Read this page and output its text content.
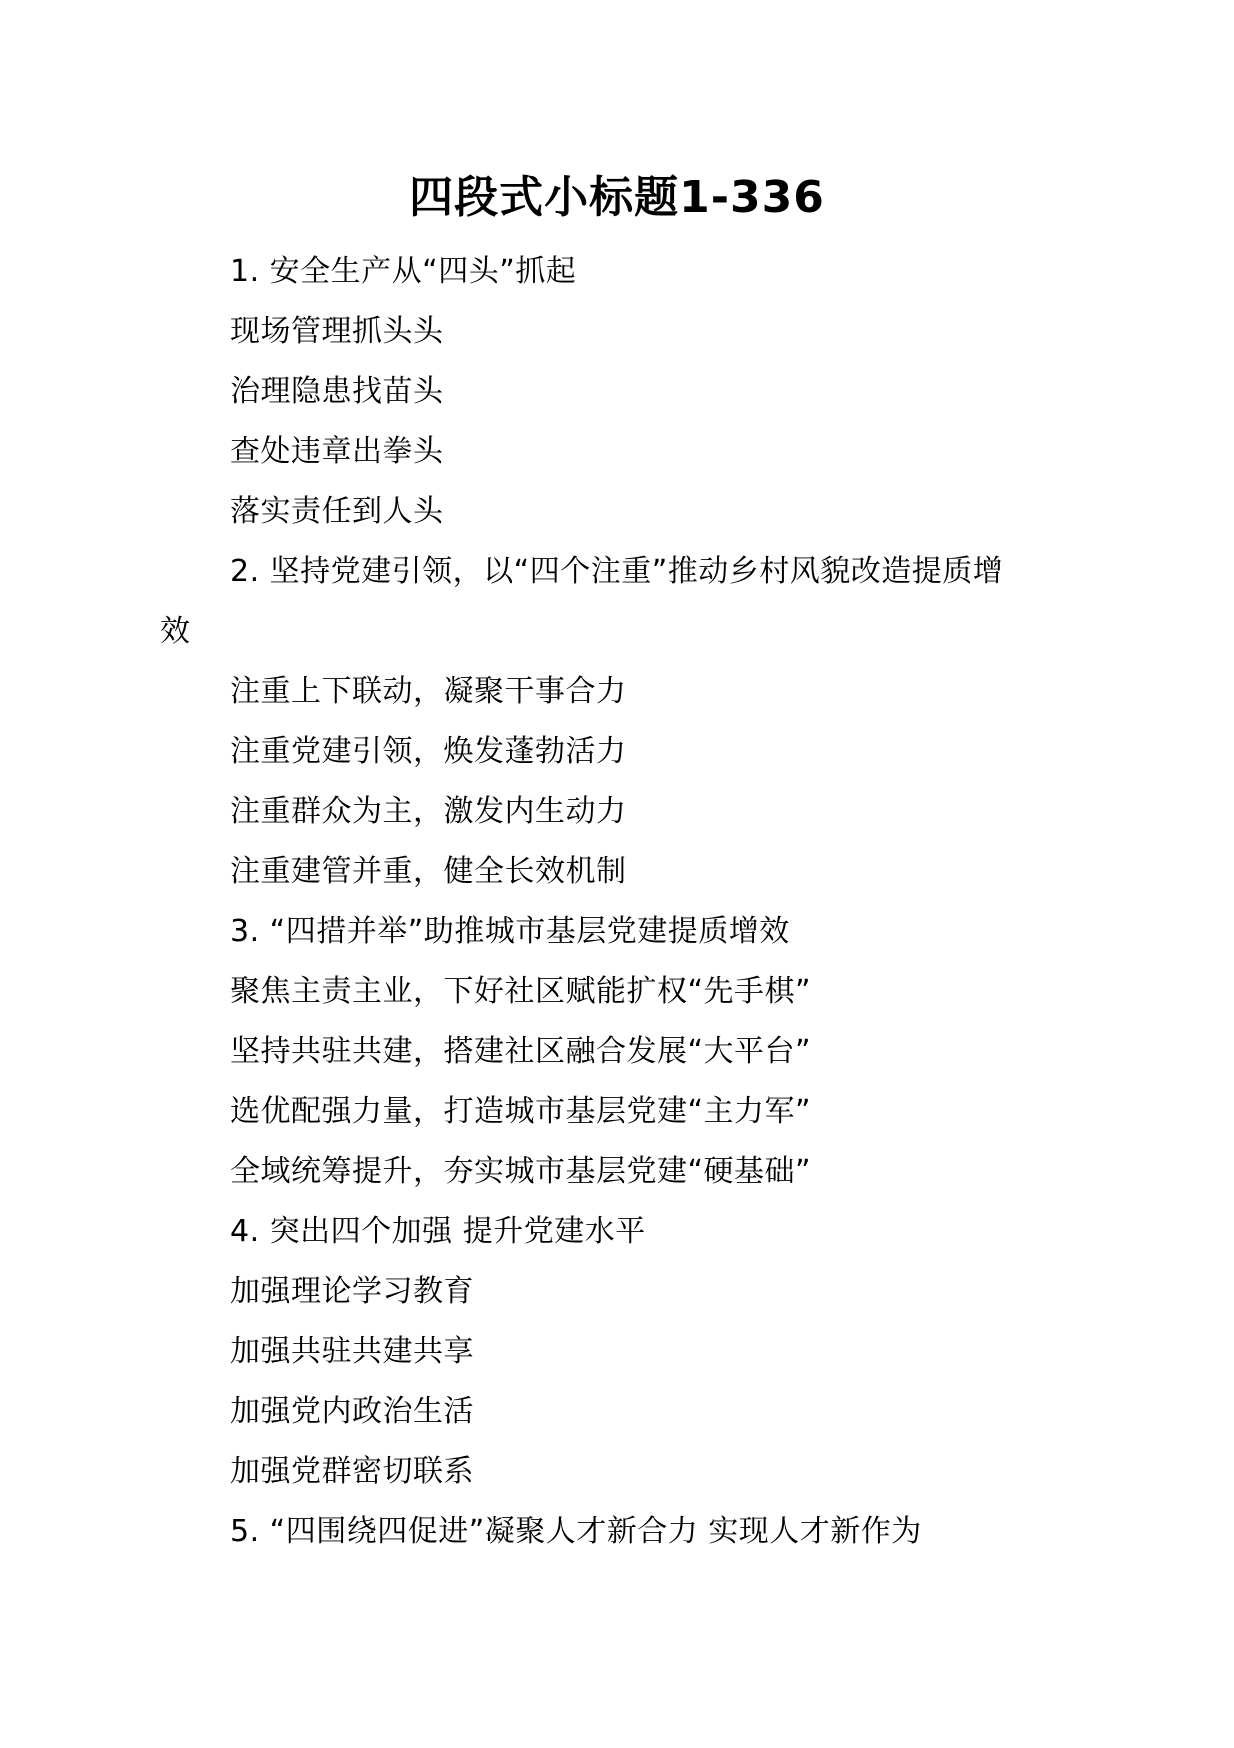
四段式小标题1-336
1. 安全生产从“四头”抓起
现场管理抓头头
治理隐患找苗头
查处违章出拳头
落实责任到人头
2. 坚持党建引领，以“四个注重”推动乡村风貌改造提质增
效
注重上下联动，凝聚干事合力
注重党建引领，焕发蓬勃活力
注重群众为主，激发内生动力
注重建管并重，健全长效机制
3. “四措并举”助推城市基层党建提质增效
聚焦主责主业，下好社区赋能扩权“先手棋”
坚持共驻共建，搭建社区融合发展“大平台”
选优配强力量，打造城市基层党建“主力军”
全域统筹提升，夯实城市基层党建“硬基础”
4. 突出四个加强 提升党建水平
加强理论学习教育
加强共驻共建共享
加强党内政治生活
加强党群密切联系
5. “四围绕四促进”凝聚人才新合力 实现人才新作为
